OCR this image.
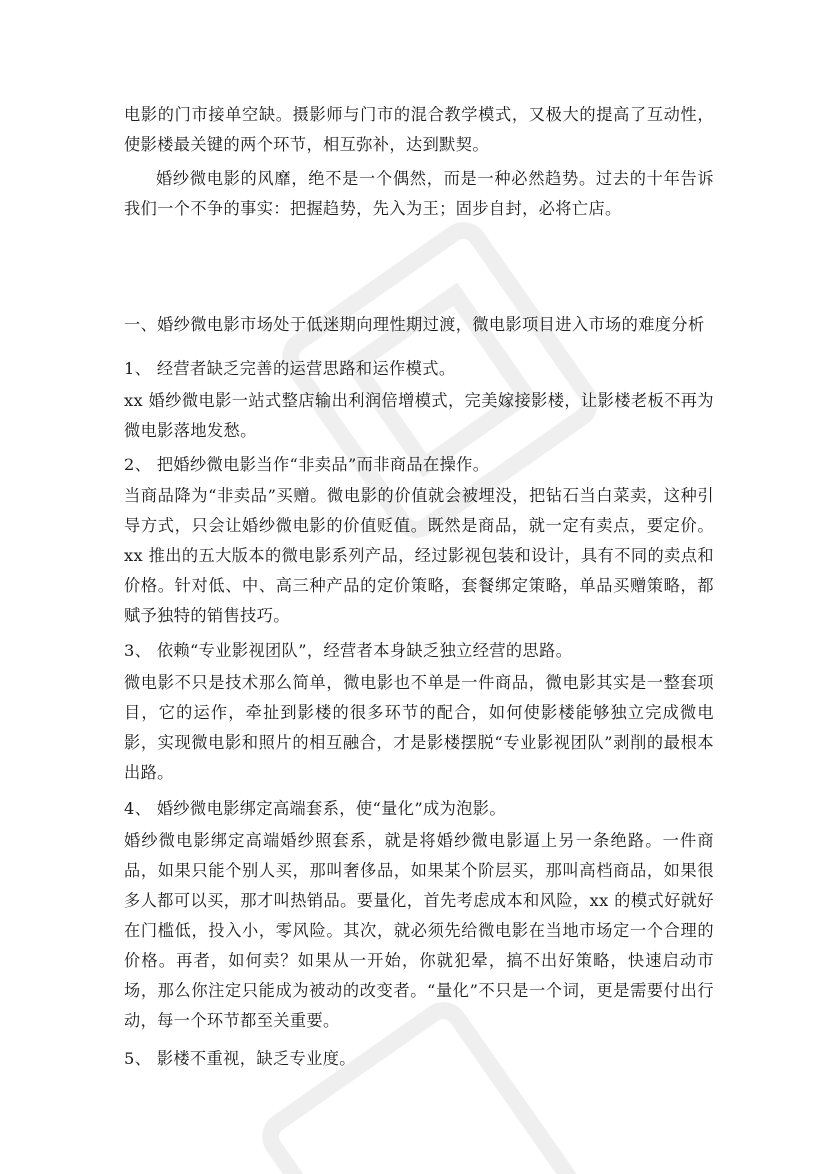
电影的门市接单空缺。摄影师与门市的混合教学模式，又极大的提高了互动性，使影楼最关键的两个环节，相互弥补，达到默契。

婚纱微电影的风靡，绝不是一个偶然，而是一种必然趋势。过去的十年告诉我们一个不争的事实：把握趋势，先入为王；固步自封，必将亡店。

一、婚纱微电影市场处于低迷期向理性期过渡，微电影项目进入市场的难度分析

1、 经营者缺乏完善的运营思路和运作模式。

xx 婚纱微电影一站式整店输出利润倍增模式，完美嫁接影楼，让影楼老板不再为微电影落地发愁。

2、 把婚纱微电影当作“非卖品”而非商品在操作。

当商品降为“非卖品”买赠。微电影的价值就会被埋没，把钻石当白菜卖，这种引导方式，只会让婚纱微电影的价值贬值。既然是商品，就一定有卖点，要定价。xx 推出的五大版本的微电影系列产品，经过影视包装和设计，具有不同的卖点和价格。针对低、中、高三种产品的定价策略，套餐绑定策略，单品买赠策略，都赋予独特的销售技巧。

3、 依赖“专业影视团队”，经营者本身缺乏独立经营的思路。

微电影不只是技术那么简单，微电影也不单是一件商品，微电影其实是一整套项目，它的运作，牵扯到影楼的很多环节的配合，如何使影楼能够独立完成微电影，实现微电影和照片的相互融合，才是影楼摆脱“专业影视团队”剥削的最根本出路。

4、 婚纱微电影绑定高端套系，使“量化”成为泡影。

婚纱微电影绑定高端婚纱照套系，就是将婚纱微电影逼上另一条绝路。一件商品，如果只能个别人买，那叫奢侈品，如果某个阶层买，那叫高档商品，如果很多人都可以买，那才叫热销品。要量化，首先考虑成本和风险，xx 的模式好就好在门槛低，投入小，零风险。其次，就必须先给微电影在当地市场定一个合理的价格。再者，如何卖？如果从一开始，你就犯晕，搞不出好策略，快速启动市场，那么你注定只能成为被动的改变者。“量化”不只是一个词，更是需要付出行动，每一个环节都至关重要。

5、 影楼不重视，缺乏专业度。
